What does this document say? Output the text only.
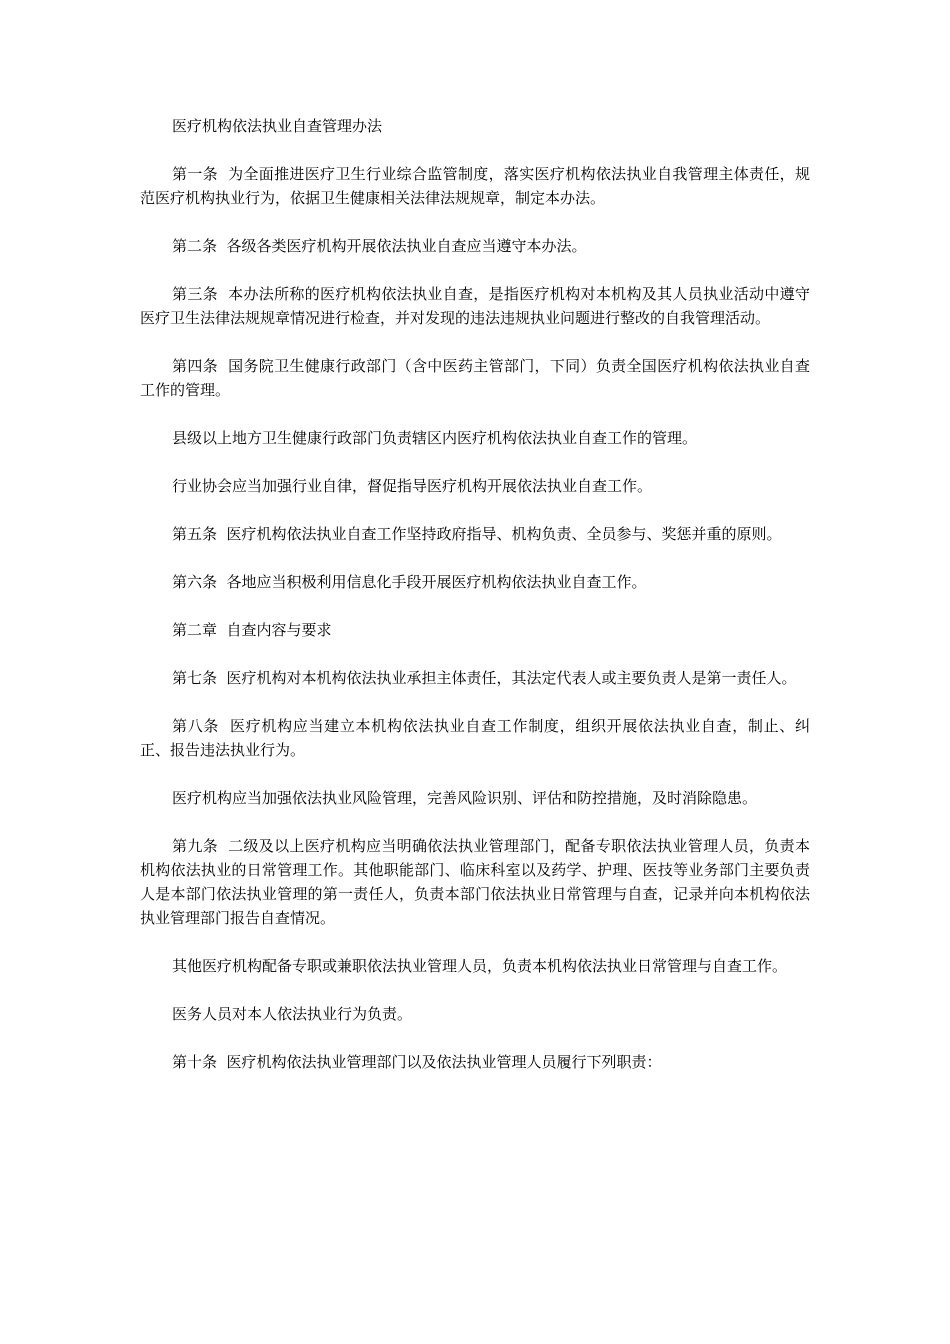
医疗机构依法执业自查管理办法

第一条  为全面推进医疗卫生行业综合监管制度，落实医疗机构依法执业自我管理主体责任，规范医疗机构执业行为，依据卫生健康相关法律法规规章，制定本办法。

第二条  各级各类医疗机构开展依法执业自查应当遵守本办法。

第三条  本办法所称的医疗机构依法执业自查，是指医疗机构对本机构及其人员执业活动中遵守医疗卫生法律法规规章情况进行检查，并对发现的违法违规执业问题进行整改的自我管理活动。

第四条  国务院卫生健康行政部门（含中医药主管部门，下同）负责全国医疗机构依法执业自查工作的管理。

县级以上地方卫生健康行政部门负责辖区内医疗机构依法执业自查工作的管理。

行业协会应当加强行业自律，督促指导医疗机构开展依法执业自查工作。

第五条  医疗机构依法执业自查工作坚持政府指导、机构负责、全员参与、奖惩并重的原则。

第六条  各地应当积极利用信息化手段开展医疗机构依法执业自查工作。

第二章  自查内容与要求

第七条  医疗机构对本机构依法执业承担主体责任，其法定代表人或主要负责人是第一责任人。

第八条  医疗机构应当建立本机构依法执业自查工作制度，组织开展依法执业自查，制止、纠正、报告违法执业行为。

医疗机构应当加强依法执业风险管理，完善风险识别、评估和防控措施，及时消除隐患。

第九条  二级及以上医疗机构应当明确依法执业管理部门，配备专职依法执业管理人员，负责本机构依法执业的日常管理工作。其他职能部门、临床科室以及药学、护理、医技等业务部门主要负责人是本部门依法执业管理的第一责任人，负责本部门依法执业日常管理与自查，记录并向本机构依法执业管理部门报告自查情况。

其他医疗机构配备专职或兼职依法执业管理人员，负责本机构依法执业日常管理与自查工作。

医务人员对本人依法执业行为负责。

第十条  医疗机构依法执业管理部门以及依法执业管理人员履行下列职责：
